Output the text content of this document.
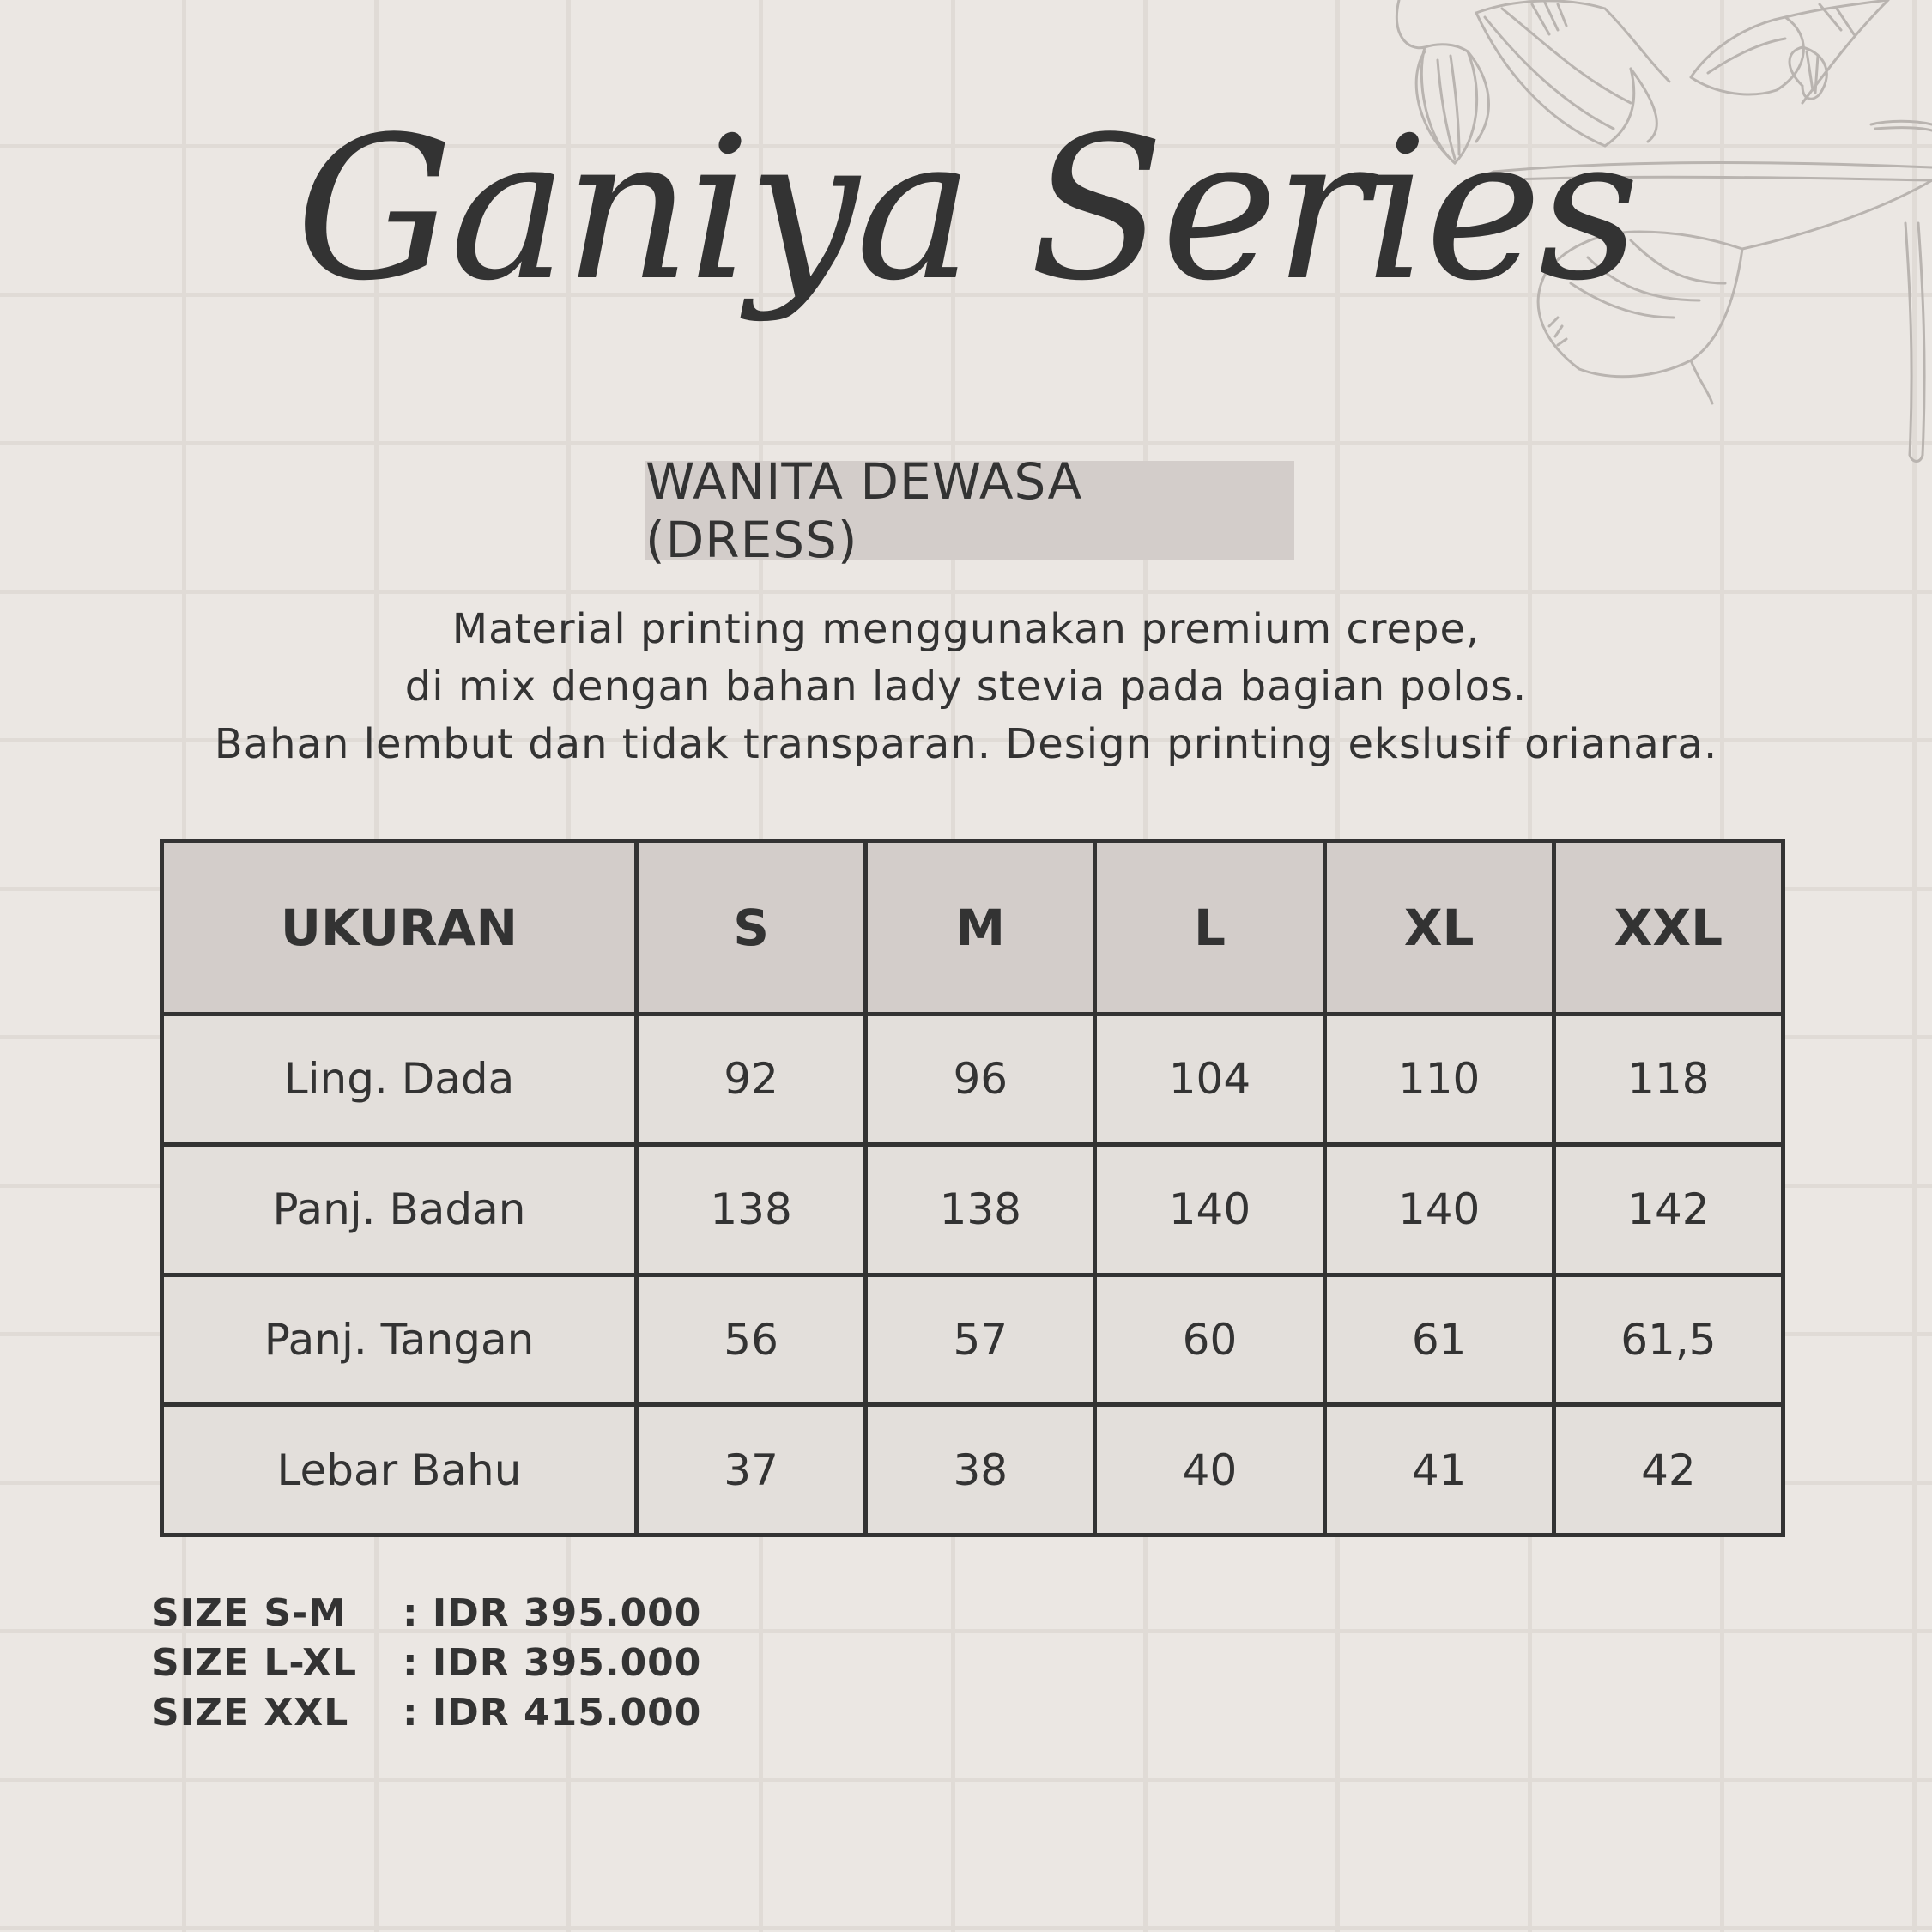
Ganiya Series
WANITA DEWASA (DRESS)
Material printing menggunakan premium crepe,
di mix dengan bahan lady stevia pada bagian polos.
Bahan lembut dan tidak transparan. Design printing ekslusif orianara.
UKURAN	S	M	L	XL	XXL
Ling. Dada	92	96	104	110	118
Panj. Badan	138	138	140	140	142
Panj. Tangan	56	57	60	61	61,5
Lebar Bahu	37	38	40	41	42
SIZE S-M	: IDR 395.000
SIZE L-XL	: IDR 395.000
SIZE XXL	: IDR 415.000
